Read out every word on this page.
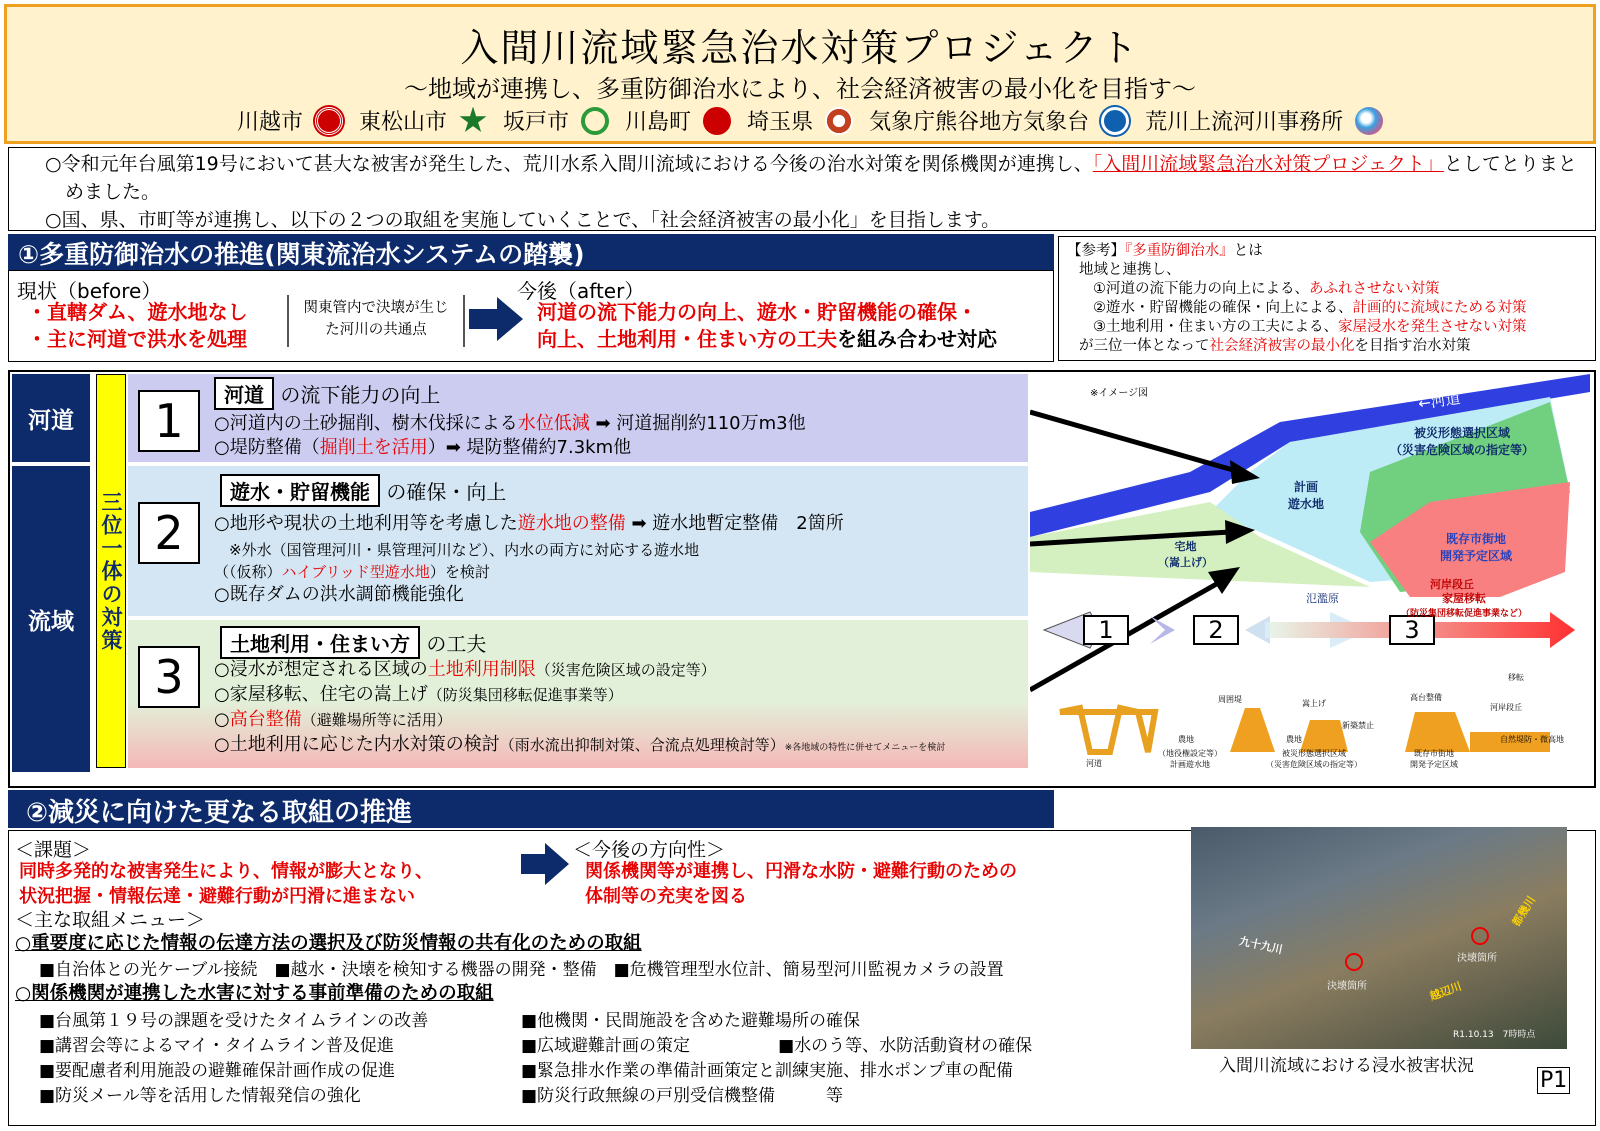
入間川流域緊急治水対策プロジェクト
～地域が連携し、多重防御治水により、社会経済被害の最小化を目指す～
川越市	東松山市	坂戸市	川島町	埼玉県	気象庁熊谷地方気象台	荒川上流河川事務所

○令和元年台風第19号において甚大な被害が発生した、荒川水系入間川流域における今後の治水対策を関係機関が連携し、「入間川流域緊急治水対策プロジェクト」としてとりまとめました。

○国、県、市町等が連携し、以下の２つの取組を実施していくことで、「社会経済被害の最小化」を目指します。

①多重防御治水の推進(関東流治水システムの踏襲)
現状（before）
・直轄ダム、遊水地なし
・主に河道で洪水を処理
関東管内で決壊が生じた河川の共通点
今後（after）
河道の流下能力の向上、遊水・貯留機能の確保・
向上、土地利用・住まい方の工夫を組み合わせ対応
【参考】『多重防御治水』とは
地域と連携し、
①河道の流下能力の向上による、あふれさせない対策
②遊水・貯留機能の確保・向上による、計画的に流域にためる対策
③土地利用・住まい方の工夫による、家屋浸水を発生させない対策
が三位一体となって社会経済被害の最小化を目指す治水対策
河道
流域	三位一体の対策
1	河道 の流下能力の向上
○河道内の土砂掘削、樹木伐採による水位低減 ➡ 河道掘削約110万m3他
○堤防整備（掘削土を活用）➡ 堤防整備約7.3km他
2
遊水・貯留機能 の確保・向上
○地形や現状の土地利用等を考慮した遊水地の整備 ➡ 遊水地暫定整備　2箇所
　※外水（国管理河川・県管理河川など）、内水の両方に対応する遊水地
（（仮称）ハイブリッド型遊水地）を検討
○既存ダムの洪水調節機能強化
3
土地利用・住まい方 の工夫
○浸水が想定される区域の土地利用制限（災害危険区域の設定等）
○家屋移転、住宅の嵩上げ（防災集団移転促進事業等）
○高台整備（避難場所等に活用）
○土地利用に応じた内水対策の検討（雨水流出抑制対策、合流点処理検討等）※各地域の特性に併せてメニューを検討
※イメージ図	←河道
被災形態選択区域
（災害危険区域の指定等）
計画
遊水地
宅地
（嵩上げ）
既存市街地
開発予定区域
河岸段丘
氾濫原	家屋移転
（防災集団移転促進事業など）
1	2	3
周囲堤	嵩上げ
高台整備
移転
新築禁止
河岸段丘
農地	農地	自然堤防・微高地
河道
（地役権設定等）
計画遊水地
被災形態選択区域
（災害危険区域の指定等）
既存市街地
開発予定区域
②減災に向けた更なる取組の推進
＜課題＞
同時多発的な被害発生により、情報が膨大となり、
状況把握・情報伝達・避難行動が円滑に進まない
＜今後の方向性＞
関係機関等が連携し、円滑な水防・避難行動のための
体制等の充実を図る
＜主な取組メニュー＞
○重要度に応じた情報の伝達方法の選択及び防災情報の共有化のための取組
■自治体との光ケーブル接続　■越水・決壊を検知する機器の開発・整備　■危機管理型水位計、簡易型河川監視カメラの設置
○関係機関が連携した水害に対する事前準備のための取組
■台風第１９号の課題を受けたタイムラインの改善
■講習会等によるマイ・タイムライン普及促進
■要配慮者利用施設の避難確保計画作成の促進
■防災メール等を活用した情報発信の強化
■他機関・民間施設を含めた避難場所の確保
■広域避難計画の策定	■水のう等、水防活動資材の確保
■緊急排水作業の準備計画策定と訓練実施、排水ポンプ車の配備
■防災行政無線の戸別受信機整備　　　等
九十九川
越辺川
都幾川
決壊箇所
決壊箇所
R1.10.13　7時時点
入間川流域における浸水被害状況
P1
